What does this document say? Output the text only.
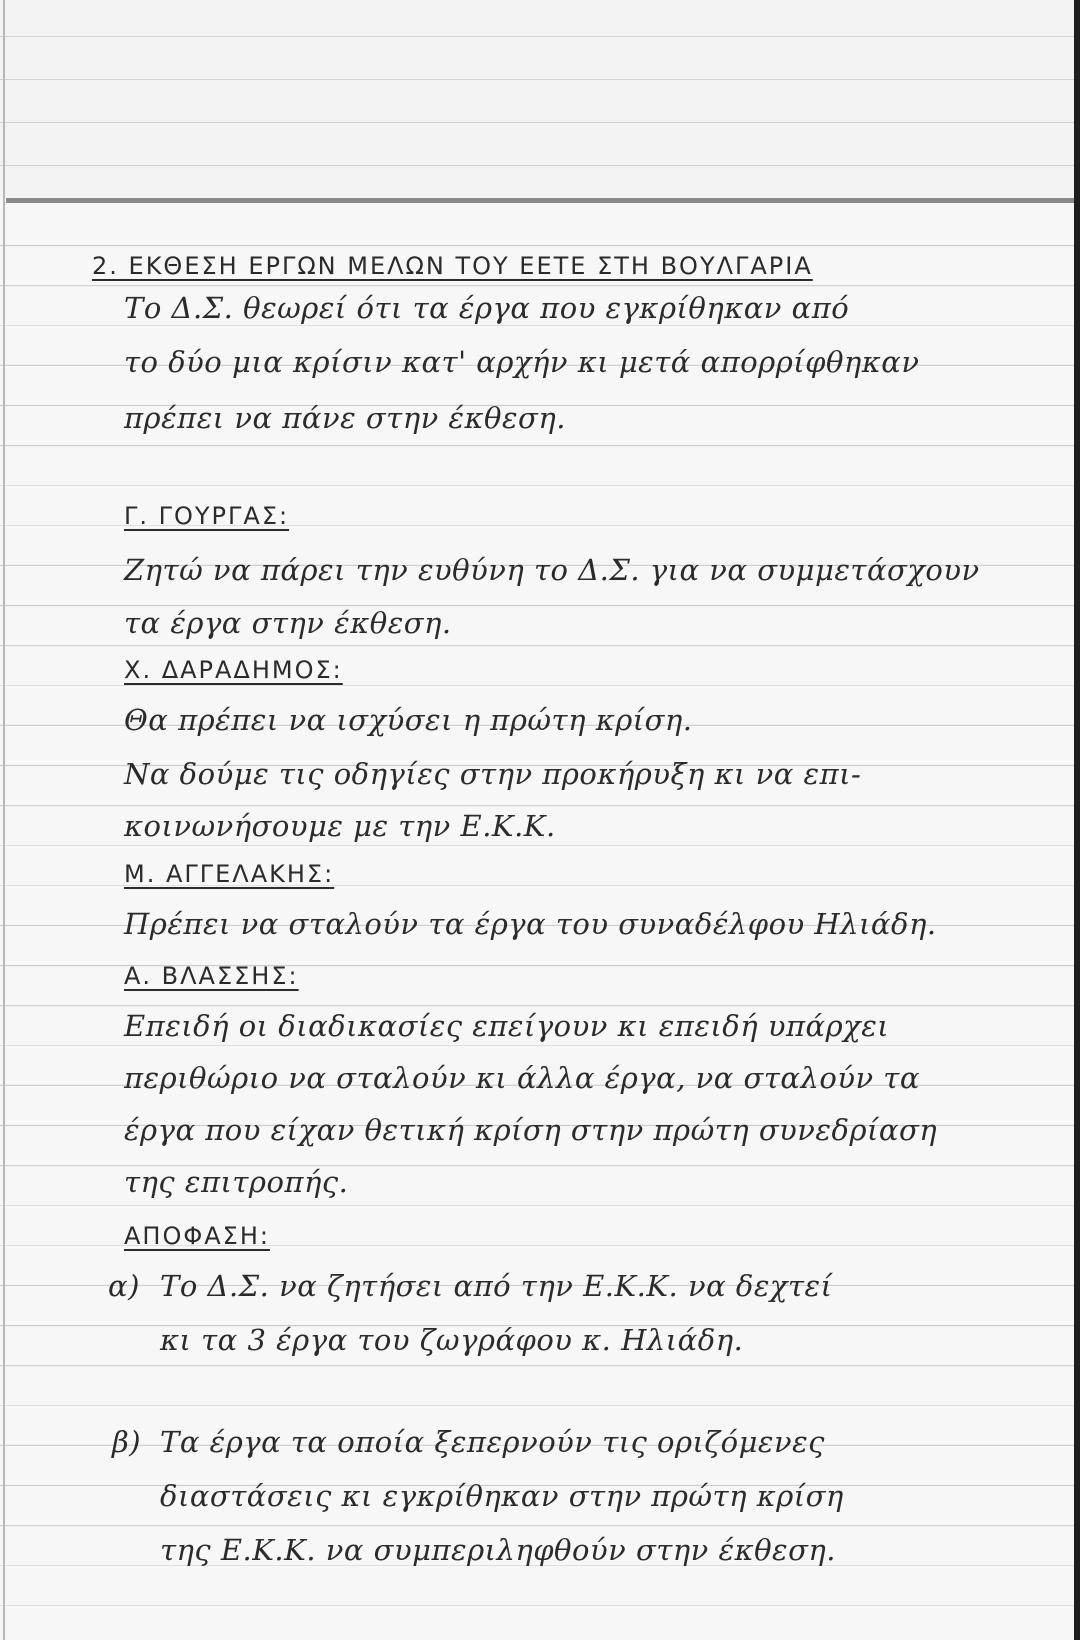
2. ΕΚΘΕΣΗ ΕΡΓΩΝ ΜΕΛΩΝ ΤΟΥ ΕΕΤΕ ΣΤΗ ΒΟΥΛΓΑΡΙΑ
Το Δ.Σ. θεωρεί ότι τα έργα που εγκρίθηκαν από
το δύο μια κρίσιν κατ' αρχήν κι μετά απορρίφθηκαν
πρέπει να πάνε στην έκθεση.
Γ. ΓΟΥΡΓΑΣ:
Ζητώ να πάρει την ευθύνη το Δ.Σ. για να συμμετάσχουν
τα έργα στην έκθεση.
Χ. ΔΑΡΑΔΗΜΟΣ:
Θα πρέπει να ισχύσει η πρώτη κρίση.
Να δούμε τις οδηγίες στην προκήρυξη κι να επι-
κοινωνήσουμε με την Ε.Κ.Κ.
Μ. ΑΓΓΕΛΑΚΗΣ:
Πρέπει να σταλούν τα έργα του συναδέλφου Ηλιάδη.
Α. ΒΛΑΣΣΗΣ:
Επειδή οι διαδικασίες επείγουν κι επειδή υπάρχει
περιθώριο να σταλούν κι άλλα έργα, να σταλούν τα
έργα που είχαν θετική κρίση στην πρώτη συνεδρίαση
της επιτροπής.
ΑΠΟΦΑΣΗ:
α) Το Δ.Σ. να ζητήσει από την Ε.Κ.Κ. να δεχτεί
κι τα 3 έργα του ζωγράφου κ. Ηλιάδη.
β) Τα έργα τα οποία ξεπερνούν τις οριζόμενες
διαστάσεις κι εγκρίθηκαν στην πρώτη κρίση
της Ε.Κ.Κ. να συμπεριληφθούν στην έκθεση.
